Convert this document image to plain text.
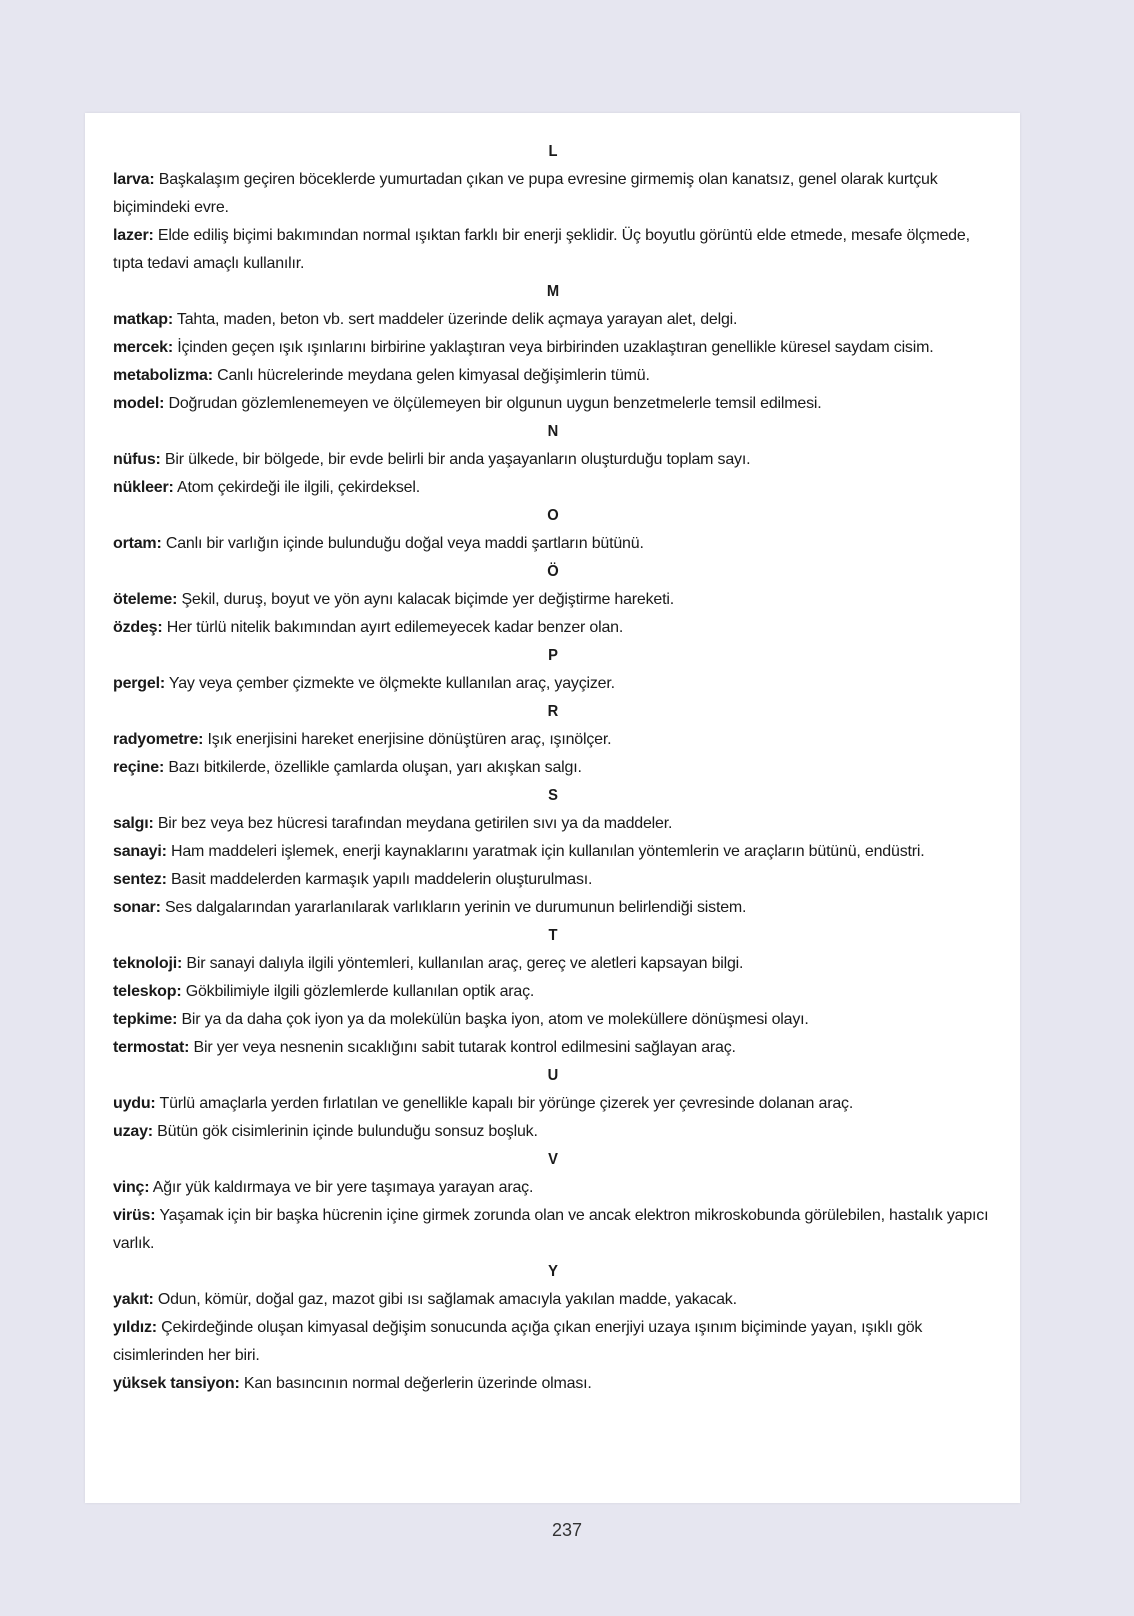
L

larva: Başkalaşım geçiren böceklerde yumurtadan çıkan ve pupa evresine girmemiş olan kanatsız, genel olarak kurtçuk biçimindeki evre.

lazer: Elde ediliş biçimi bakımından normal ışıktan farklı bir enerji şeklidir. Üç boyutlu görüntü elde etmede, mesafe ölçmede, tıpta tedavi amaçlı kullanılır.

M

matkap: Tahta, maden, beton vb. sert maddeler üzerinde delik açmaya yarayan alet, delgi.

mercek: İçinden geçen ışık ışınlarını birbirine yaklaştıran veya birbirinden uzaklaştıran genellikle küresel saydam cisim.

metabolizma: Canlı hücrelerinde meydana gelen kimyasal değişimlerin tümü.

model: Doğrudan gözlemlenemeyen ve ölçülemeyen bir olgunun uygun benzetmelerle temsil edilmesi.

N

nüfus: Bir ülkede, bir bölgede, bir evde belirli bir anda yaşayanların oluşturduğu toplam sayı.

nükleer: Atom çekirdeği ile ilgili, çekirdeksel.

O

ortam: Canlı bir varlığın içinde bulunduğu doğal veya maddi şartların bütünü.

Ö

öteleme: Şekil, duruş, boyut ve yön aynı kalacak biçimde yer değiştirme hareketi.

özdeş: Her türlü nitelik bakımından ayırt edilemeyecek kadar benzer olan.

P

pergel: Yay veya çember çizmekte ve ölçmekte kullanılan araç, yayçizer.

R

radyometre: Işık enerjisini hareket enerjisine dönüştüren araç, ışınölçer.

reçine: Bazı bitkilerde, özellikle çamlarda oluşan, yarı akışkan salgı.

S

salgı: Bir bez veya bez hücresi tarafından meydana getirilen sıvı ya da maddeler.

sanayi: Ham maddeleri işlemek, enerji kaynaklarını yaratmak için kullanılan yöntemlerin ve araçların bütünü, endüstri.

sentez: Basit maddelerden karmaşık yapılı maddelerin oluşturulması.

sonar: Ses dalgalarından yararlanılarak varlıkların yerinin ve durumunun belirlendiği sistem.

T

teknoloji: Bir sanayi dalıyla ilgili yöntemleri, kullanılan araç, gereç ve aletleri kapsayan bilgi.

teleskop: Gökbilimiyle ilgili gözlemlerde kullanılan optik araç.

tepkime: Bir ya da daha çok iyon ya da molekülün başka iyon, atom ve moleküllere dönüşmesi olayı.

termostat: Bir yer veya nesnenin sıcaklığını sabit tutarak kontrol edilmesini sağlayan araç.

U

uydu: Türlü amaçlarla yerden fırlatılan ve genellikle kapalı bir yörünge çizerek yer çevresinde dolanan araç.

uzay: Bütün gök cisimlerinin içinde bulunduğu sonsuz boşluk.

V

vinç: Ağır yük kaldırmaya ve bir yere taşımaya yarayan araç.

virüs: Yaşamak için bir başka hücrenin içine girmek zorunda olan ve ancak elektron mikroskobunda görülebilen, hastalık yapıcı varlık.

Y

yakıt: Odun, kömür, doğal gaz, mazot gibi ısı sağlamak amacıyla yakılan madde, yakacak.

yıldız: Çekirdeğinde oluşan kimyasal değişim sonucunda açığa çıkan enerjiyi uzaya ışınım biçiminde yayan, ışıklı gök cisimlerinden her biri.

yüksek tansiyon: Kan basıncının normal değerlerin üzerinde olması.

237
